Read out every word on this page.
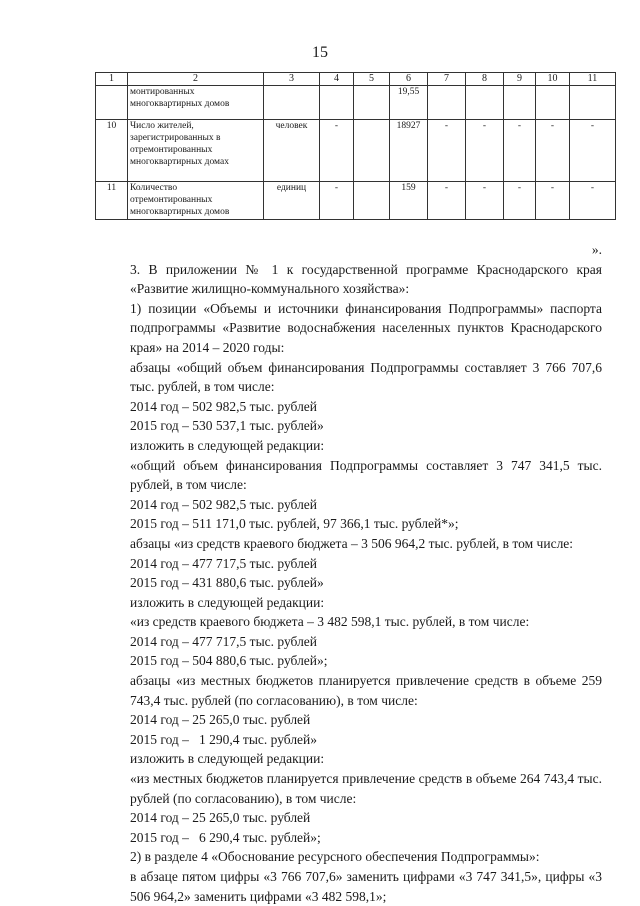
15
1	2	3	4	5	6	7	8	9	10	11
	монтированных многоквартирных домов				19,55					
10	Число жителей, зарегистрированных в отремонтированных многоквартирных домах	человек	-		18927	-	-	-	-	-
11	Количество отремонтированных многоквартирных домов	единиц	-		159	-	-	-	-	-

».

3. В приложении № 1 к государственной программе Краснодарского края «Развитие жилищно-коммунального хозяйства»:

1) позиции «Объемы и источники финансирования Подпрограммы» паспорта подпрограммы «Развитие водоснабжения населенных пунктов Краснодарского края» на 2014 – 2020 годы:

абзацы «общий объем финансирования Подпрограммы составляет 3 766 707,6 тыс. рублей, в том числе:

2014 год – 502 982,5 тыс. рублей

2015 год – 530 537,1 тыс. рублей»

изложить в следующей редакции:

«общий объем финансирования Подпрограммы составляет 3 747 341,5 тыс. рублей, в том числе:

2014 год – 502 982,5 тыс. рублей

2015 год – 511 171,0 тыс. рублей, 97 366,1 тыс. рублей*»;

абзацы «из средств краевого бюджета – 3 506 964,2 тыс. рублей, в том числе:

2014 год – 477 717,5 тыс. рублей

2015 год – 431 880,6 тыс. рублей»

изложить в следующей редакции:

«из средств краевого бюджета – 3 482 598,1 тыс. рублей, в том числе:

2014 год – 477 717,5 тыс. рублей

2015 год – 504 880,6 тыс. рублей»;

абзацы «из местных бюджетов планируется привлечение средств в объеме 259 743,4 тыс. рублей (по согласованию), в том числе:

2014 год – 25 265,0 тыс. рублей

2015 год –   1 290,4 тыс. рублей»

изложить в следующей редакции:

«из местных бюджетов планируется привлечение средств в объеме 264 743,4 тыс. рублей (по согласованию), в том числе:

2014 год – 25 265,0 тыс. рублей

2015 год –   6 290,4 тыс. рублей»;

2) в разделе 4 «Обоснование ресурсного обеспечения Подпрограммы»:

в абзаце пятом цифры «3 766 707,6» заменить цифрами «3 747 341,5», цифры «3 506 964,2» заменить цифрами «3 482 598,1»;
